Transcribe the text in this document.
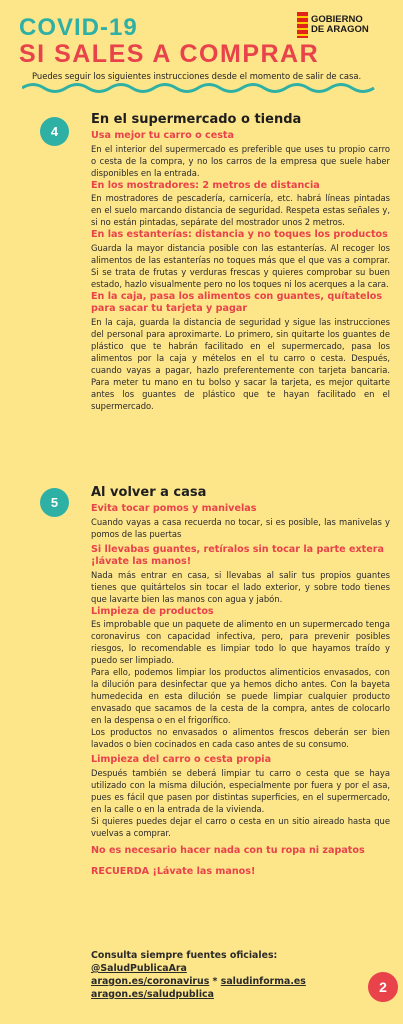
COVID-19
SI SALES A COMPRAR
GOBIERNO
DE ARAGON
Puedes seguir los siguientes instrucciones desde el momento de salir de casa.
4
En el supermercado o tienda
Usa mejor tu carro o cesta
En el interior del supermercado es preferible que uses tu propio carro o cesta de la compra, y no los carros de la empresa que suele haber disponibles en la entrada.
En los mostradores: 2 metros de distancia
En mostradores de pescadería, carnicería, etc. habrá líneas pintadas en el suelo marcando distancia de seguridad. Respeta estas señales y, si no están pintadas, sepárate del mostrador unos 2 metros.
En las estanterías: distancia y no toques los productos
Guarda la mayor distancia posible con las estanterías. Al recoger los alimentos de las estanterías no toques más que el que vas a comprar. Si se trata de frutas y verduras frescas y quieres comprobar su buen estado, hazlo visualmente pero no los toques ni los acerques a la cara.
En la caja, pasa los alimentos con guantes, quítatelos para sacar tu tarjeta y pagar
En la caja, guarda la distancia de seguridad y sigue las instrucciones del personal para aproximarte. Lo primero, sin quitarte los guantes de plástico que te habrán facilitado en el supermercado, pasa los alimentos por la caja y mételos en el tu carro o cesta. Después, cuando vayas a pagar, hazlo preferentemente con tarjeta bancaria. Para meter tu mano en tu bolso y sacar la tarjeta, es mejor quitarte antes los guantes de plástico que te hayan facilitado en el supermercado.
5
Al volver a casa
Evita tocar pomos y manivelas
Cuando vayas a casa recuerda no tocar, si es posible, las manivelas y pomos de las puertas
Si llevabas guantes, retíralos sin tocar la parte extera ¡lávate las manos!
Nada más entrar en casa, si llevabas al salir tus propios guantes tienes que quitártelos sin tocar el lado exterior, y sobre todo tienes que lavarte bien las manos con agua y jabón.
Limpieza de productos
Es improbable que un paquete de alimento en un supermercado tenga coronavirus con capacidad infectiva, pero, para prevenir posibles riesgos, lo recomendable es limpiar todo lo que hayamos traído y puedo ser limpiado.
Para ello, podemos limpiar los productos alimenticios envasados, con la dilución para desinfectar que ya hemos dicho antes. Con la bayeta humedecida en esta dilución se puede limpiar cualquier producto envasado que sacamos de la cesta de la compra, antes de colocarlo en la despensa o en el frigorífico.
Los productos no envasados o alimentos frescos deberán ser bien lavados o bien cocinados en cada caso antes de su consumo.
Limpieza del carro o cesta propia
Después también se deberá limpiar tu carro o cesta que se haya utilizado con la misma dilución, especialmente por fuera y por el asa, pues es fácil que pasen por distintas superficies, en el supermercado, en la calle o en la entrada de la vivienda.
Si quieres puedes dejar el carro o cesta en un sitio aireado hasta que vuelvas a comprar.
No es necesario hacer nada con tu ropa ni zapatos
RECUERDA ¡Lávate las manos!
Consulta siempre fuentes oficiales:
@SaludPublicaAra
aragon.es/coronavirus * saludinforma.es
aragon.es/saludpublica	2
